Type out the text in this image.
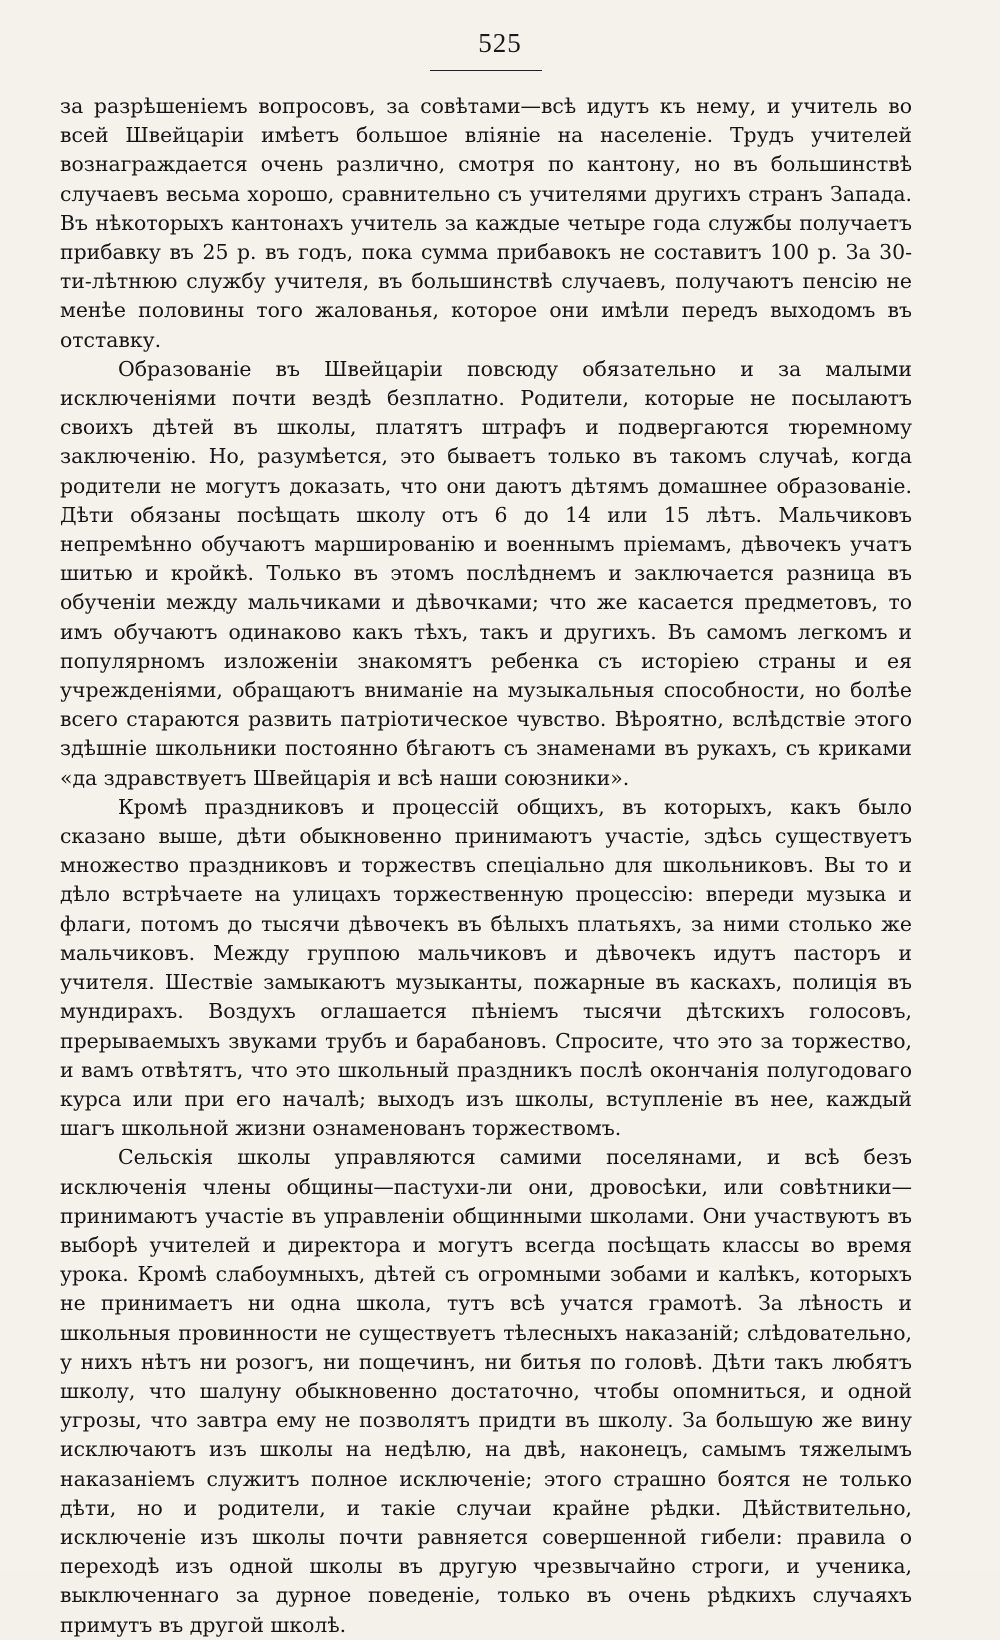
525

за разрѣшеніемъ вопросовъ, за совѣтами—всѣ идутъ къ нему, и учитель во всей Швейцаріи имѣетъ большое вліяніе на населеніе. Трудъ учителей вознаграждается очень различно, смотря по кантону, но въ большинствѣ случаевъ весьма хорошо, сравнительно съ учителями другихъ странъ Запада. Въ нѣкоторыхъ кантонахъ учитель за каждые четыре года службы получаетъ прибавку въ 25 р. въ годъ, пока сумма прибавокъ не составитъ 100 р. За 30-ти-лѣтнюю службу учителя, въ большинствѣ случаевъ, получаютъ пенсію не менѣе половины того жалованья, которое они имѣли передъ выходомъ въ отставку.

Образованіе въ Швейцаріи повсюду обязательно и за малыми исключеніями почти вездѣ безплатно. Родители, которые не посылаютъ своихъ дѣтей въ школы, платятъ штрафъ и подвергаются тюремному заключенію. Но, разумѣется, это бываетъ только въ такомъ случаѣ, когда родители не могутъ доказать, что они даютъ дѣтямъ домашнее образованіе. Дѣти обязаны посѣщать школу отъ 6 до 14 или 15 лѣтъ. Мальчиковъ непремѣнно обучаютъ маршированію и военнымъ пріемамъ, дѣвочекъ учатъ шитью и кройкѣ. Только въ этомъ послѣднемъ и заключается разница въ обученіи между мальчиками и дѣвочками; что же касается предметовъ, то имъ обучаютъ одинаково какъ тѣхъ, такъ и другихъ. Въ самомъ легкомъ и популярномъ изложеніи знакомятъ ребенка съ исторіею страны и ея учрежденіями, обращаютъ вниманіе на музыкальныя способности, но болѣе всего стараются развить патріотическое чувство. Вѣроятно, вслѣдствіе этого здѣшніе школьники постоянно бѣгаютъ съ знаменами въ рукахъ, съ криками «да здравствуетъ Швейцарія и всѣ наши союзники».

Кромѣ праздниковъ и процессій общихъ, въ которыхъ, какъ было сказано выше, дѣти обыкновенно принимаютъ участіе, здѣсь существуетъ множество праздниковъ и торжествъ спеціально для школьниковъ. Вы то и дѣло встрѣчаете на улицахъ торжественную процессію: впереди музыка и флаги, потомъ до тысячи дѣвочекъ въ бѣлыхъ платьяхъ, за ними столько же мальчиковъ. Между группою мальчиковъ и дѣвочекъ идутъ пасторъ и учителя. Шествіе замыкаютъ музыканты, пожарные въ каскахъ, полиція въ мундирахъ. Воздухъ оглашается пѣніемъ тысячи дѣтскихъ голосовъ, прерываемыхъ звуками трубъ и барабановъ. Спросите, что это за торжество, и вамъ отвѣтятъ, что это школьный праздникъ послѣ окончанія полугодоваго курса или при его началѣ; выходъ изъ школы, вступленіе въ нее, каждый шагъ школьной жизни ознаменованъ торжествомъ.

Сельскія школы управляются самими поселянами, и всѣ безъ исключенія члены общины—пастухи-ли они, дровосѣки, или совѣтники—принимаютъ участіе въ управленіи общинными школами. Они участвуютъ въ выборѣ учителей и директора и могутъ всегда посѣщать классы во время урока. Кромѣ слабоумныхъ, дѣтей съ огромными зобами и калѣкъ, которыхъ не принимаетъ ни одна школа, тутъ всѣ учатся грамотѣ. За лѣность и школьныя провинности не существуетъ тѣлесныхъ наказаній; слѣдовательно, у нихъ нѣтъ ни розогъ, ни пощечинъ, ни битья по головѣ. Дѣти такъ любятъ школу, что шалуну обыкновенно достаточно, чтобы опомниться, и одной угрозы, что завтра ему не позволятъ придти въ школу. За большую же вину исключаютъ изъ школы на недѣлю, на двѣ, наконецъ, самымъ тяжелымъ наказаніемъ служитъ полное исключеніе; этого страшно боятся не только дѣти, но и родители, и такіе случаи крайне рѣдки. Дѣйствительно, исключеніе изъ школы почти равняется совершенной гибели: правила о переходѣ изъ одной школы въ другую чрезвычайно строги, и ученика, выключеннаго за дурное поведеніе, только въ очень рѣдкихъ случаяхъ примутъ въ другой школѣ.
